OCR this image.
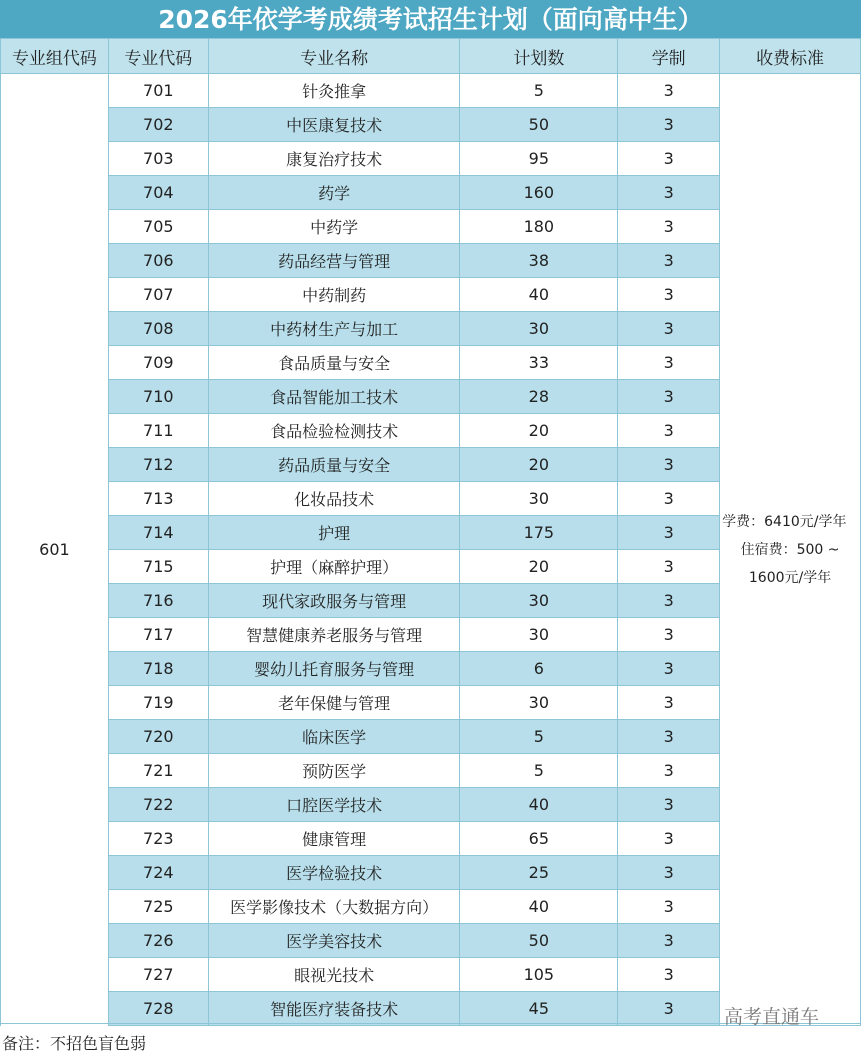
2026年依学考成绩考试招生计划（面向高中生）
专业组代码	专业代码	专业名称	计划数	学制	收费标准
601	701	针灸推拿	5	3	学费：6410元/学年
住宿费：500 ~ 1600元/学年

	702	中医康复技术	50	3	
	703	康复治疗技术	95	3	
	704	药学	160	3	
	705	中药学	180	3	
	706	药品经营与管理	38	3	
	707	中药制药	40	3	
	708	中药材生产与加工	30	3	
	709	食品质量与安全	33	3	
	710	食品智能加工技术	28	3	
	711	食品检验检测技术	20	3	
	712	药品质量与安全	20	3	
	713	化妆品技术	30	3	
	714	护理	175	3	
	715	护理（麻醉护理）	20	3	
	716	现代家政服务与管理	30	3	
	717	智慧健康养老服务与管理	30	3	
	718	婴幼儿托育服务与管理	6	3	
	719	老年保健与管理	30	3	
	720	临床医学	5	3	
	721	预防医学	5	3	
	722	口腔医学技术	40	3	
	723	健康管理	65	3	
	724	医学检验技术	25	3	
	725	医学影像技术（大数据方向）	40	3	
	726	医学美容技术	50	3	
	727	眼视光技术	105	3	
	728	智能医疗装备技术	45	3		高考直通车
备注：不招色盲色弱
